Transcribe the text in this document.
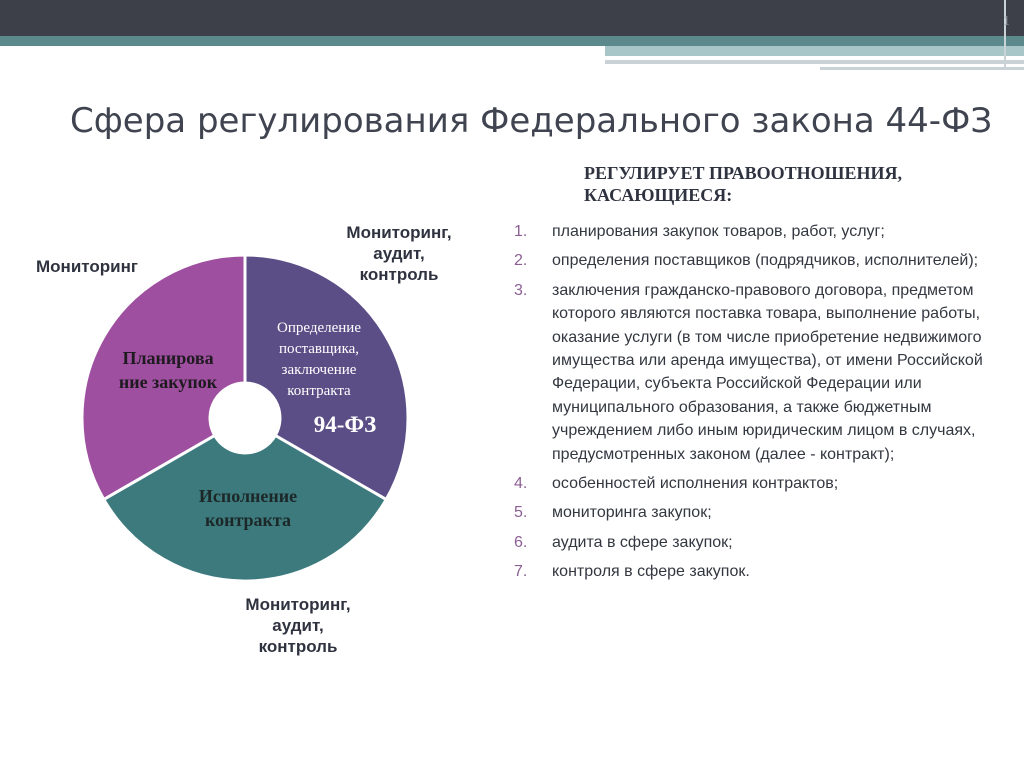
1
Сфера регулирования Федерального закона 44-ФЗ
Мониторинг
Мониторинг,
аудит,
контроль
Мониторинг,
аудит,
контроль
Планирова
ние закупок
Определение
поставщика,
заключение
контракта
94-ФЗ
Исполнение
контракта
РЕГУЛИРУЕТ ПРАВООТНОШЕНИЯ,
КАСАЮЩИЕСЯ:
1.	планирования закупок товаров, работ, услуг;
2.	определения поставщиков (подрядчиков, исполнителей);
3.	заключения гражданско-правового договора, предметом которого являются поставка товара, выполнение работы, оказание услуги (в том числе приобретение недвижимого имущества или аренда имущества), от имени Российской Федерации, субъекта Российской Федерации или муниципального образования, а также бюджетным учреждением либо иным юридическим лицом в случаях, предусмотренных законом (далее - контракт);
4.	особенностей исполнения контрактов;
5.	мониторинга закупок;
6.	аудита в сфере закупок;
7.	контроля в сфере закупок.
